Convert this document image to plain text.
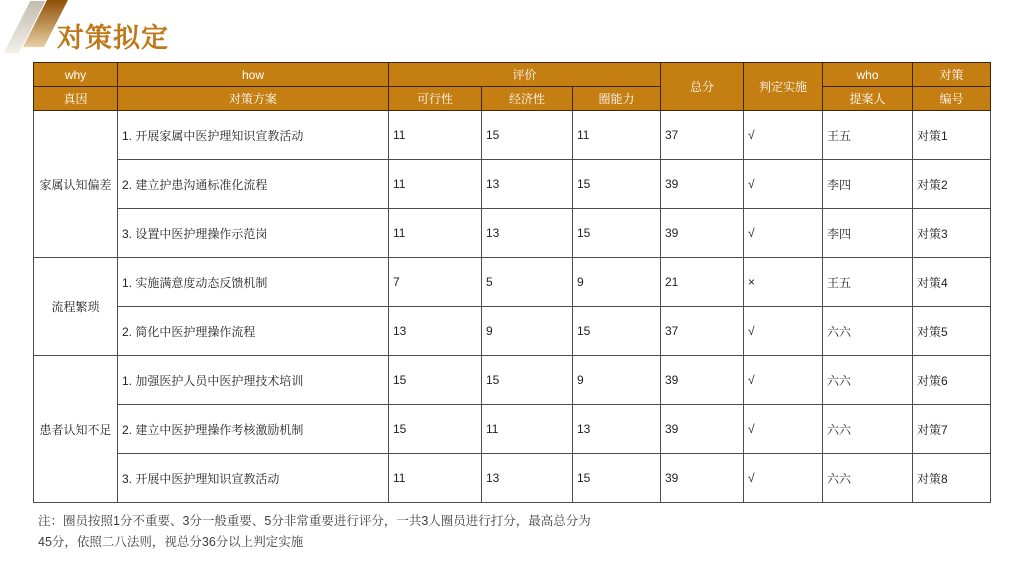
对策拟定
why	how	评价			总分	判定实施	who	对策
真因	对策方案	可行性	经济性	圈能力			提案人	编号
家属认知偏差	1. 开展家属中医护理知识宣教活动	11	15	11	37	√	王五	对策1
	2. 建立护患沟通标准化流程	11	13	15	39	√	李四	对策2
	3. 设置中医护理操作示范岗	11	13	15	39	√	李四	对策3
流程繁琐	1. 实施满意度动态反馈机制	7	5	9	21	×	王五	对策4
	2. 简化中医护理操作流程	13	9	15	37	√	六六	对策5
患者认知不足	1. 加强医护人员中医护理技术培训	15	15	9	39	√	六六	对策6
	2. 建立中医护理操作考核激励机制	15	11	13	39	√	六六	对策7
	3. 开展中医护理知识宣教活动	11	13	15	39	√	六六	对策8
注：圈员按照1分不重要、3分一般重要、5分非常重要进行评分，一共3人圈员进行打分，最高总分为
45分，依照二八法则，视总分36分以上判定实施
